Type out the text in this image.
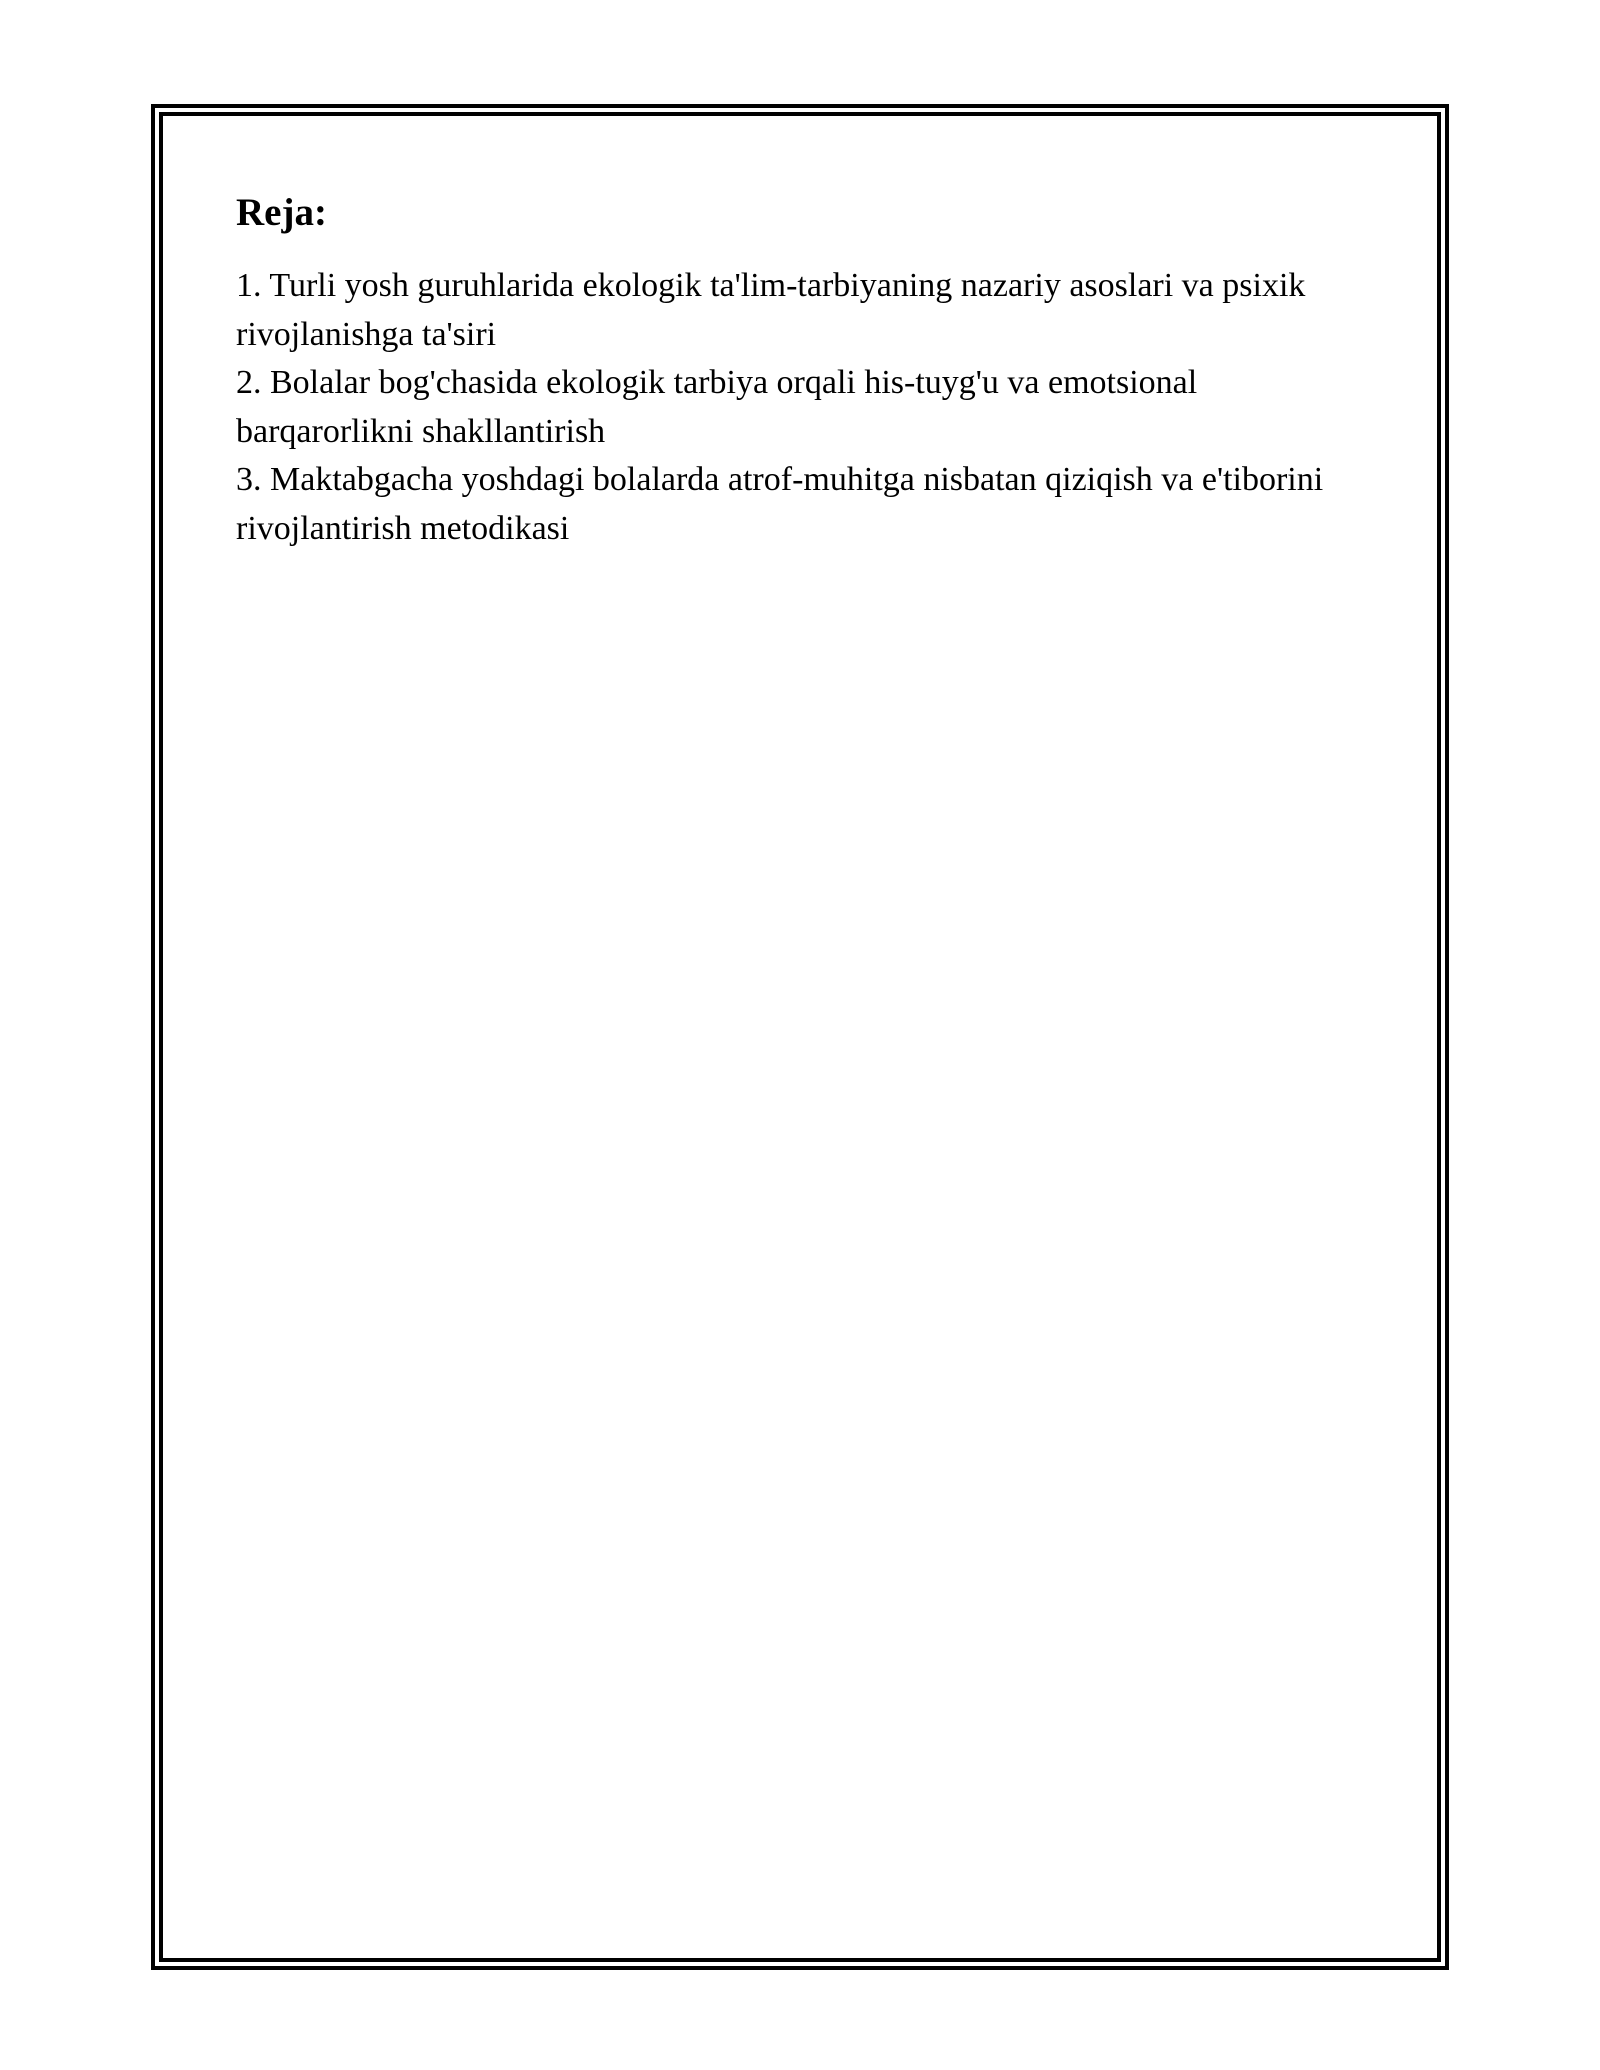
Reja:
1. Turli yosh guruhlarida ekologik ta'lim-tarbiyaning nazariy asoslari va psixik rivojlanishga ta'siri
2. Bolalar bog'chasida ekologik tarbiya orqali his-tuyg'u va emotsional barqarorlikni shakllantirish
3. Maktabgacha yoshdagi bolalarda atrof-muhitga nisbatan qiziqish va e'tiborini rivojlantirish metodikasi
